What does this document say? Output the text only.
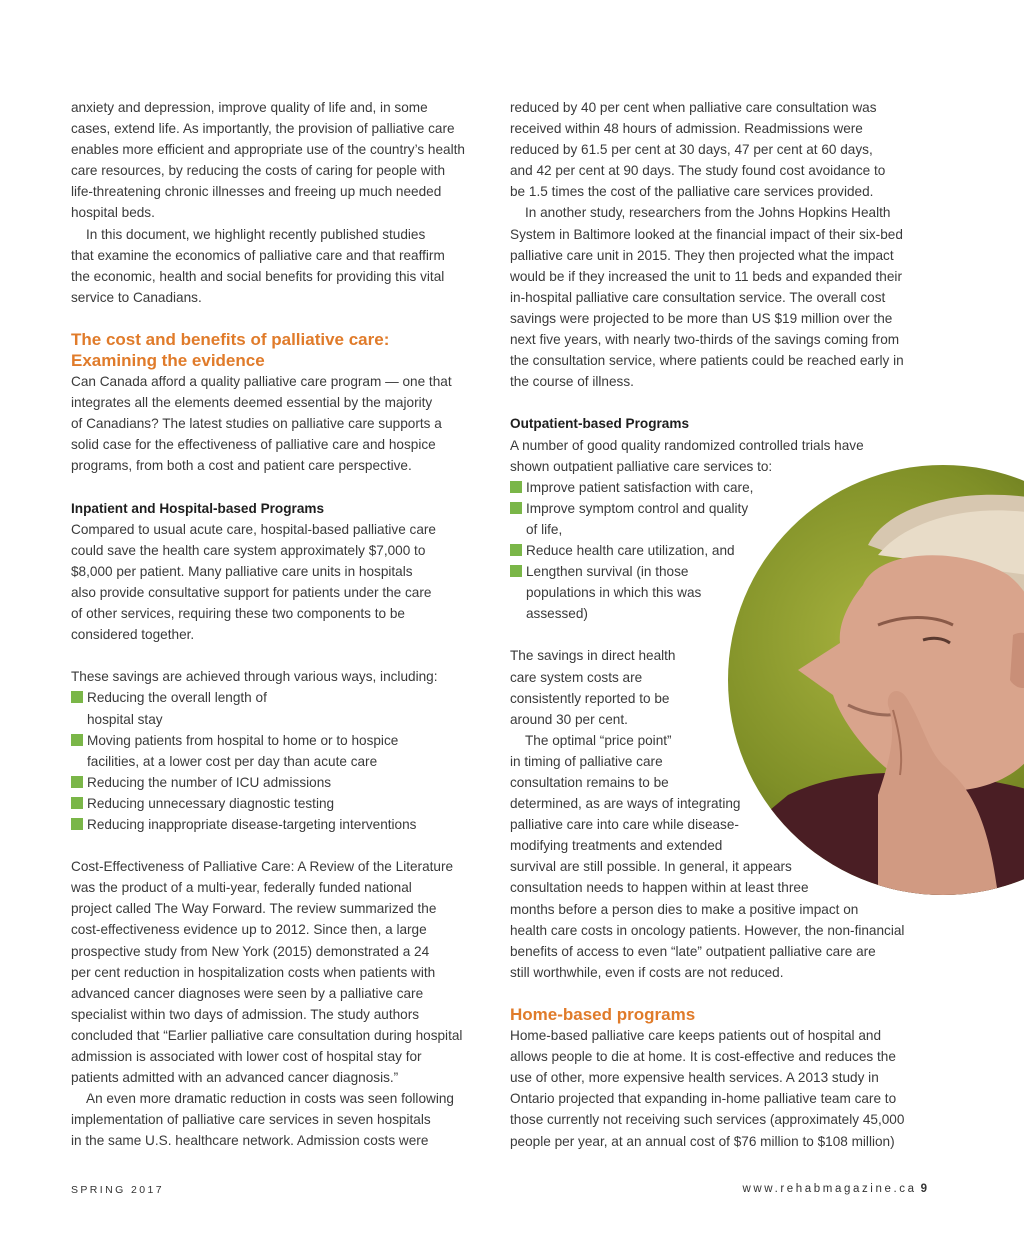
anxiety and depression, improve quality of life and, in some
cases, extend life. As importantly, the provision of palliative care
enables more efficient and appropriate use of the country’s health
care resources, by reducing the costs of caring for people with
life-threatening chronic illnesses and freeing up much needed
hospital beds.
In this document, we highlight recently published studies
that examine the economics of palliative care and that reaffirm
the economic, health and social benefits for providing this vital
service to Canadians.
The cost and benefits of palliative care:
Examining the evidence
Can Canada afford a quality palliative care program — one that
integrates all the elements deemed essential by the majority
of Canadians? The latest studies on palliative care supports a
solid case for the effectiveness of palliative care and hospice
programs, from both a cost and patient care perspective.
Inpatient and Hospital-based Programs
Compared to usual acute care, hospital-based palliative care
could save the health care system approximately $7,000 to
$8,000 per patient. Many palliative care units in hospitals
also provide consultative support for patients under the care
of other services, requiring these two components to be
considered together.
These savings are achieved through various ways, including:
Reducing the overall length of
hospital stay
Moving patients from hospital to home or to hospice
facilities, at a lower cost per day than acute care
Reducing the number of ICU admissions
Reducing unnecessary diagnostic testing
Reducing inappropriate disease-targeting interventions
Cost-Effectiveness of Palliative Care: A Review of the Literature
was the product of a multi-year, federally funded national
project called The Way Forward. The review summarized the
cost-effectiveness evidence up to 2012. Since then, a large
prospective study from New York (2015) demonstrated a 24
per cent reduction in hospitalization costs when patients with
advanced cancer diagnoses were seen by a palliative care
specialist within two days of admission. The study authors
concluded that “Earlier palliative care consultation during hospital
admission is associated with lower cost of hospital stay for
patients admitted with an advanced cancer diagnosis.”
An even more dramatic reduction in costs was seen following
implementation of palliative care services in seven hospitals
in the same U.S. healthcare network. Admission costs were
reduced by 40 per cent when palliative care consultation was
received within 48 hours of admission. Readmissions were
reduced by 61.5 per cent at 30 days, 47 per cent at 60 days,
and 42 per cent at 90 days. The study found cost avoidance to
be 1.5 times the cost of the palliative care services provided.
In another study, researchers from the Johns Hopkins Health
System in Baltimore looked at the financial impact of their six-bed
palliative care unit in 2015. They then projected what the impact
would be if they increased the unit to 11 beds and expanded their
in-hospital palliative care consultation service. The overall cost
savings were projected to be more than US $19 million over the
next five years, with nearly two-thirds of the savings coming from
the consultation service, where patients could be reached early in
the course of illness.
Outpatient-based Programs
A number of good quality randomized controlled trials have
shown outpatient palliative care services to:
Improve patient satisfaction with care,
Improve symptom control and quality
of life,
Reduce health care utilization, and
Lengthen survival (in those
populations in which this was
assessed)
The savings in direct health
care system costs are
consistently reported to be
around 30 per cent.
The optimal “price point”
in timing of palliative care
consultation remains to be
determined, as are ways of integrating
palliative care into care while disease-
modifying treatments and extended
survival are still possible. In general, it appears
consultation needs to happen within at least three
months before a person dies to make a positive impact on
health care costs in oncology patients. However, the non-financial
benefits of access to even “late” outpatient palliative care are
still worthwhile, even if costs are not reduced.
Home-based programs
Home-based palliative care keeps patients out of hospital and
allows people to die at home. It is cost-effective and reduces the
use of other, more expensive health services. A 2013 study in
Ontario projected that expanding in-home palliative team care to
those currently not receiving such services (approximately 45,000
people per year, at an annual cost of $76 million to $108 million)
SPRING 2017	www.rehabmagazine.ca 9
